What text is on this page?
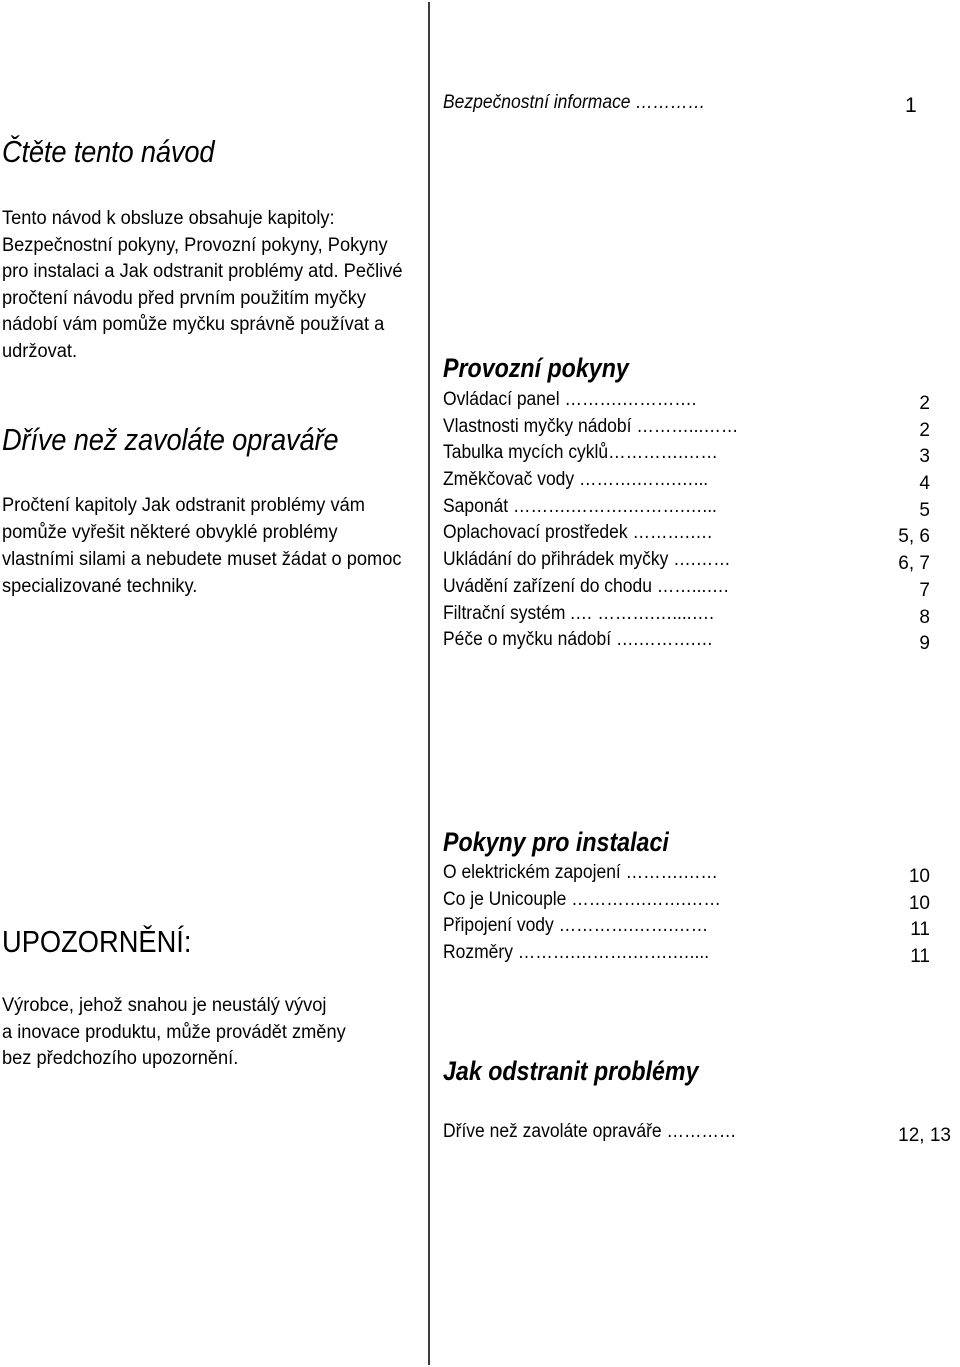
Čtěte tento návod
Tento návod k obsluze obsahuje kapitoly:
Bezpečnostní pokyny, Provozní pokyny, Pokyny
pro instalaci a Jak odstranit problémy atd. Pečlivé
pročtení návodu před prvním použitím myčky
nádobí vám pomůže myčku správně používat a
udržovat.
Dříve než zavoláte opraváře
Pročtení kapitoly Jak odstranit problémy vám
pomůže vyřešit některé obvyklé problémy
vlastními silami a nebudete muset žádat o pomoc
specializované techniky.
UPOZORNĚNÍ:
Výrobce, jehož snahou je neustálý vývoj
a inovace produktu, může provádět změny
bez předchozího upozornění.
Bezpečnostní informace …………	1
Provozní pokyny
Ovládací panel ……….………….	2
Vlastnosti myčky nádobí ………...……	2
Tabulka mycích cyklů………….……	3
Změkčovač vody ……….…….…...	4
Saponát ……….……….……….…...	5
Oplachovací prostředek ……….….	5, 6
Ukládání do přihrádek myčky ….……	6, 7
Uvádění zařízení do chodu ……...….	7
Filtrační systém .… ……….…....….	8
Péče o myčku nádobí ….……….…	9
Pokyny pro instalaci
O elektrickém zapojení ……….……	10
Co je Unicouple ………….…….……	10
Připojení vody ………….…….……	11
Rozměry ……….……….…….…....	11
Jak odstranit problémy
Dříve než zavoláte opraváře …………	12, 13
